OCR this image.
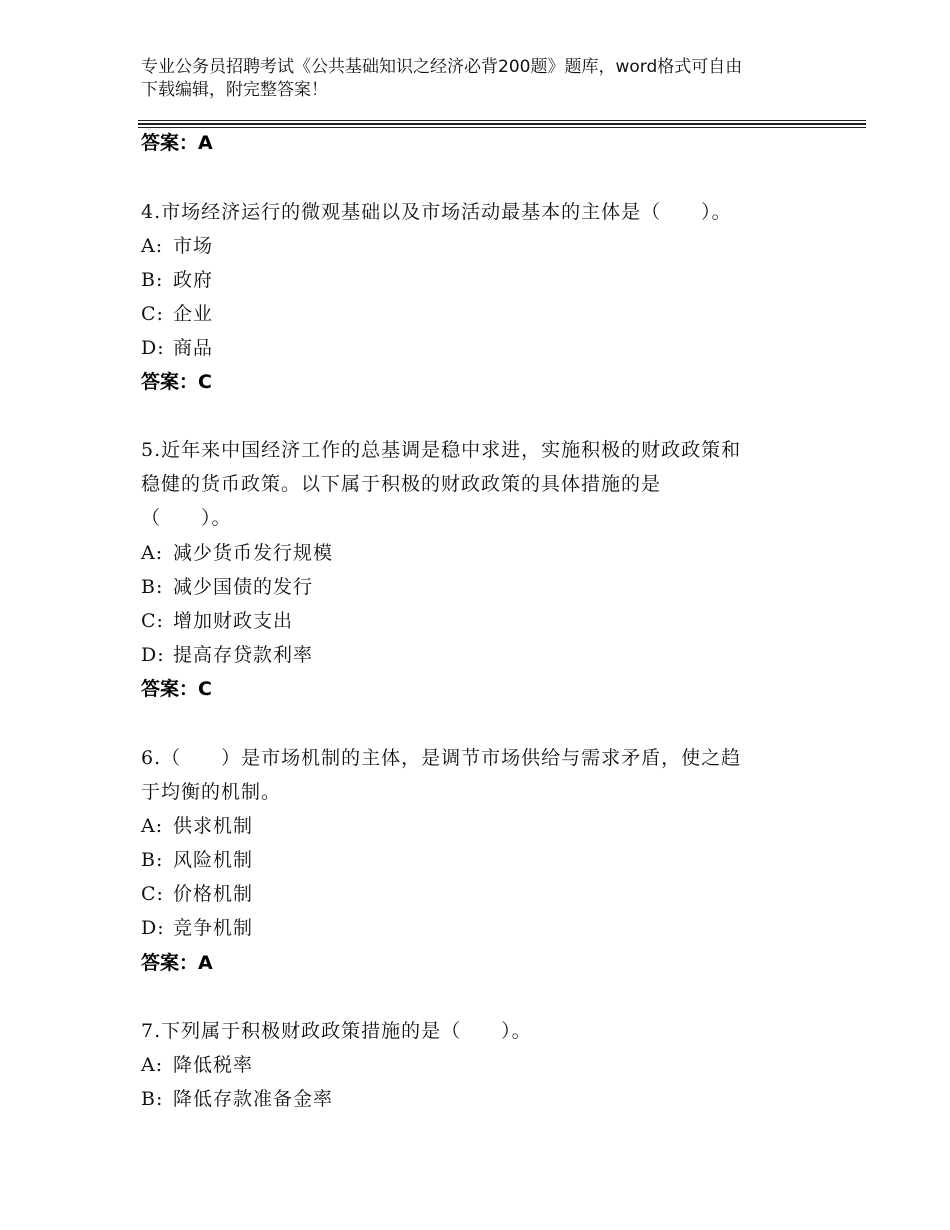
专业公务员招聘考试《公共基础知识之经济必背200题》题库，word格式可自由
下载编辑，附完整答案！
答案：A
4.市场经济运行的微观基础以及市场活动最基本的主体是（　　）。
A: 市场
B: 政府
C: 企业
D: 商品
答案：C
5.近年来中国经济工作的总基调是稳中求进，实施积极的财政政策和
稳健的货币政策。以下属于积极的财政政策的具体措施的是
（　　）。
A: 减少货币发行规模
B: 减少国债的发行
C: 增加财政支出
D: 提高存贷款利率
答案：C
6.（　　）是市场机制的主体，是调节市场供给与需求矛盾，使之趋
于均衡的机制。
A: 供求机制
B: 风险机制
C: 价格机制
D: 竞争机制
答案：A
7.下列属于积极财政政策措施的是（　　）。
A: 降低税率
B: 降低存款准备金率
